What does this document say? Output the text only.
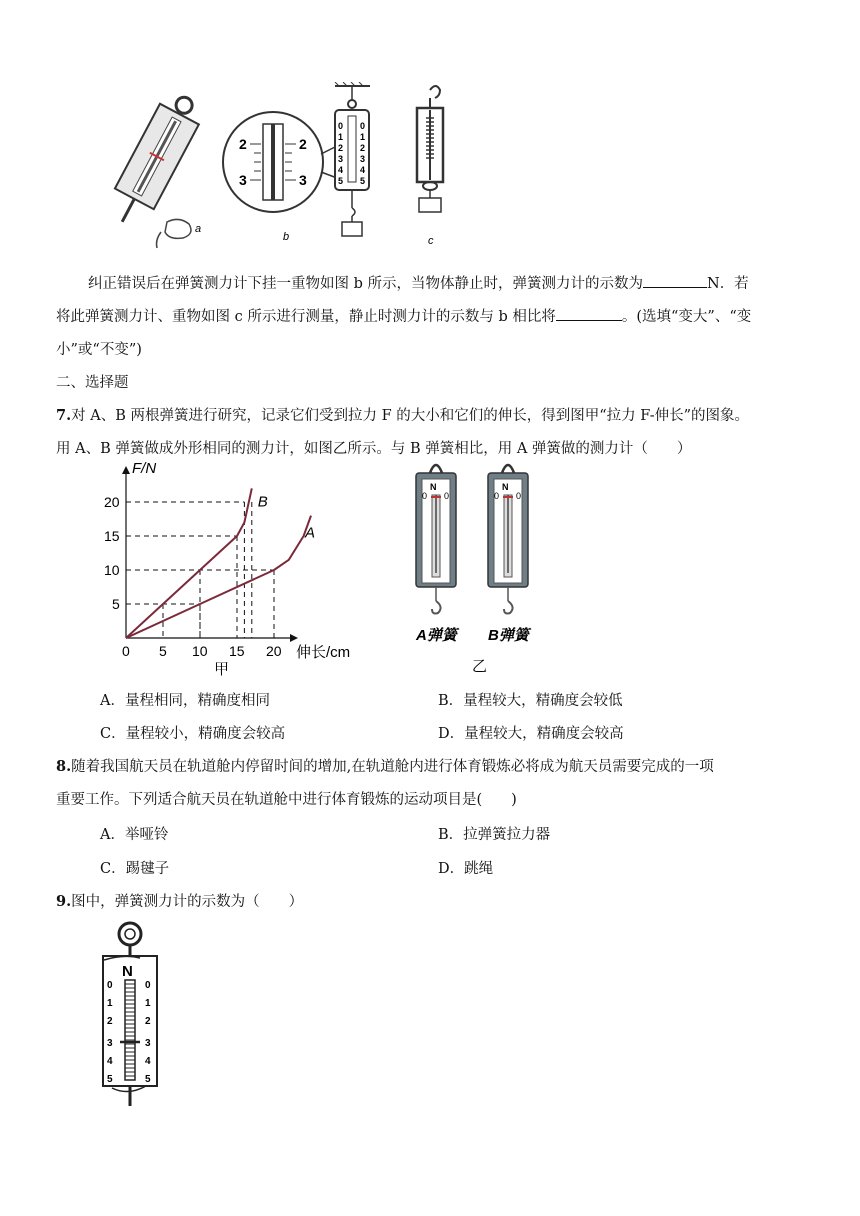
a
2
3
2
3
0
1
2
3
4
5
0
1
2
3
4
5
b	c
纠正错误后在弹簧测力计下挂一重物如图 b 所示，当物体静止时，弹簧测力计的示数为	N．若
将此弹簧测力计、重物如图 c 所示进行测量，静止时测力计的示数与 b 相比将	。(选填“变大”、“变
小”或“不变”)
二、选择题
7.对 A、B 两根弹簧进行研究，记录它们受到拉力 F 的大小和它们的伸长，得到图甲“拉力 F-伸长”的图象。
用 A、B 弹簧做成外形相同的测力计，如图乙所示。与 B 弹簧相比，用 A 弹簧做的测力计（　　）
0 5 10 15 20
5
10
15
20	B
A
F/N
伸长/cm
甲
N
0 0
N
0 0
A弹簧 B弹簧
乙
A．量程相同，精确度相同	B．量程较大，精确度会较低
C．量程较小，精确度会较高	D．量程较大，精确度会较高
8.随着我国航天员在轨道舱内停留时间的增加,在轨道舱内进行体育锻炼必将成为航天员需要完成的一项
重要工作。下列适合航天员在轨道舱中进行体育锻炼的运动项目是(　　)
A．举哑铃	B．拉弹簧拉力器
C．踢毽子	D．跳绳
9.图中，弹簧测力计的示数为（　　）
N
0
1
2
3
4
5
0
1
2
3
4
5
